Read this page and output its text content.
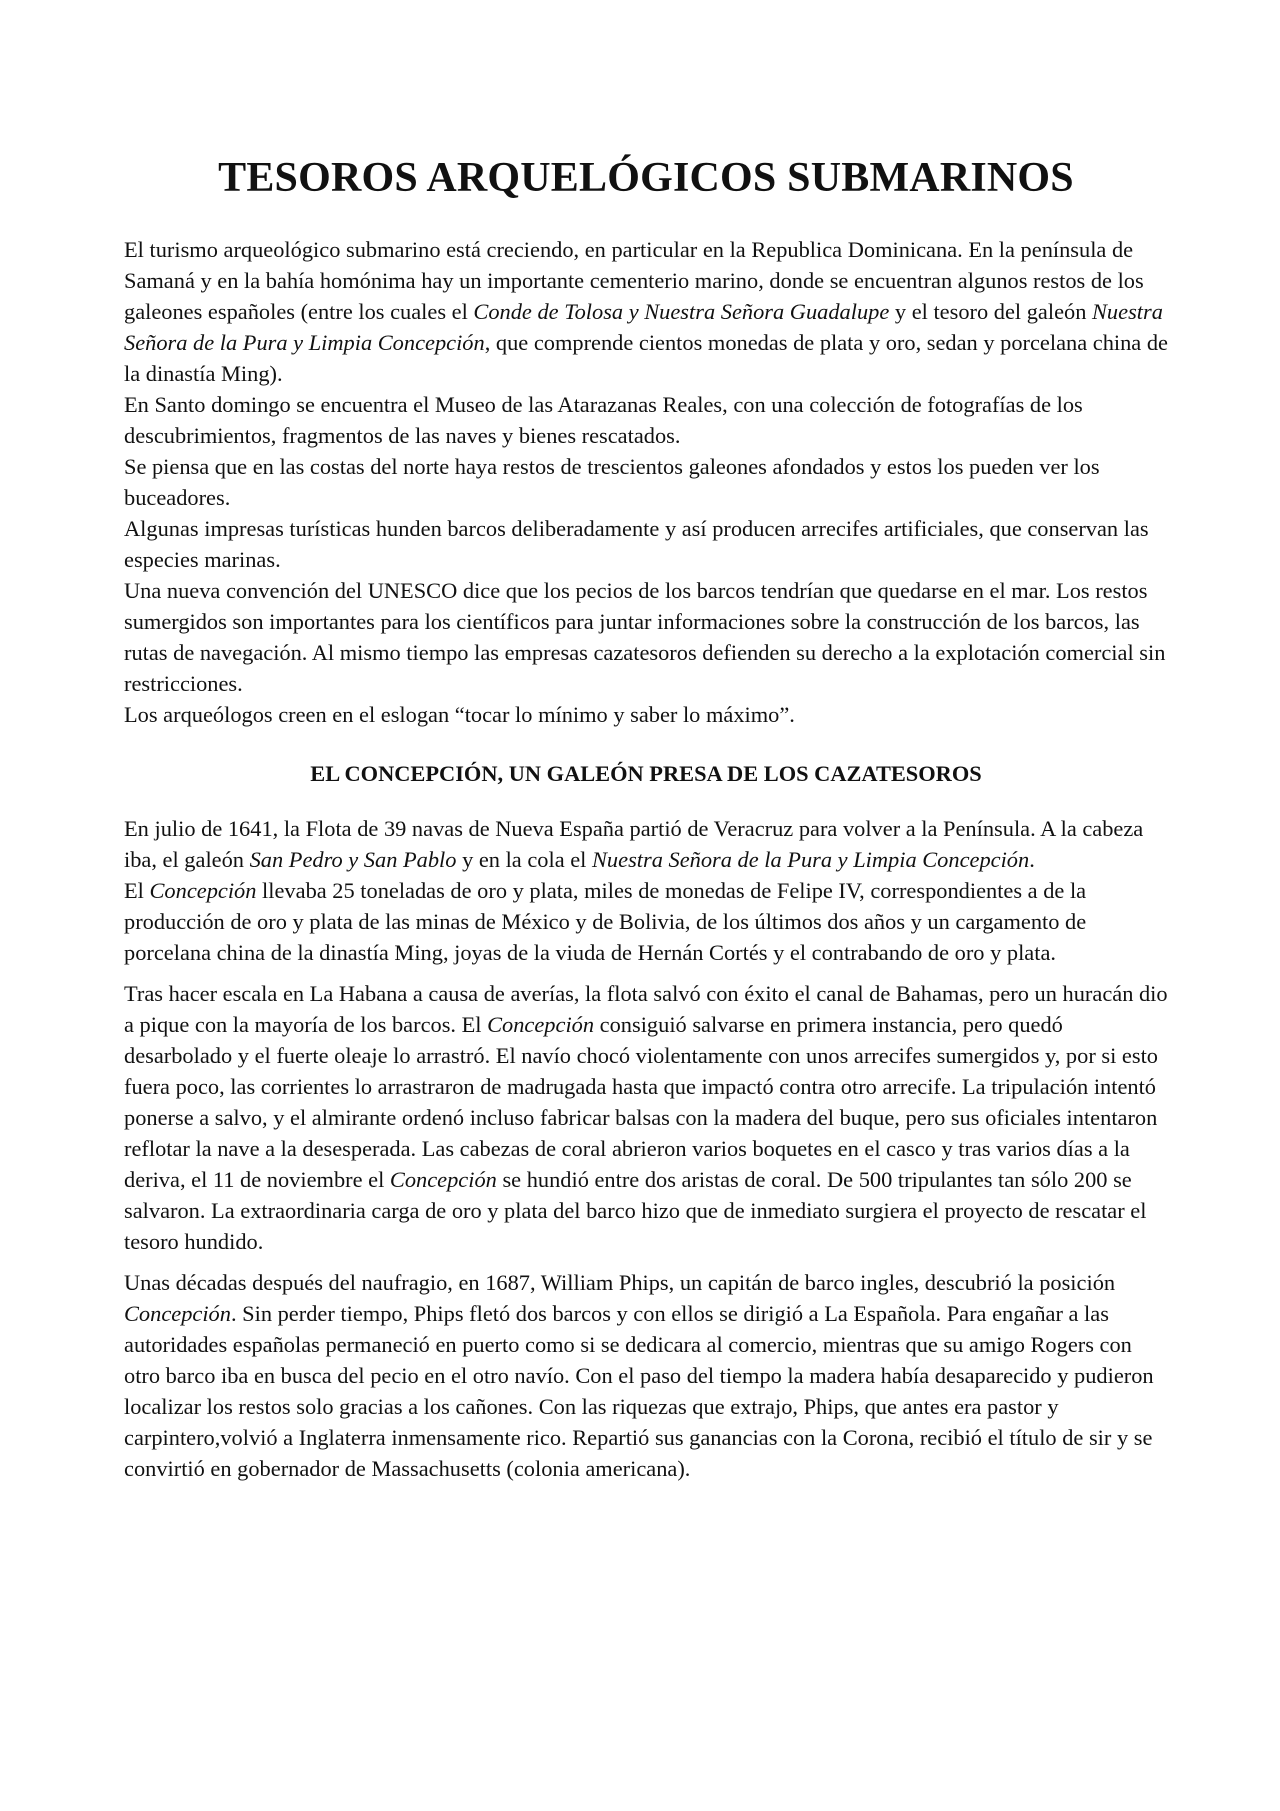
TESOROS ARQUELÓGICOS SUBMARINOS

El turismo arqueológico submarino está creciendo, en particular en la Republica Dominicana. En la península de Samaná y en la bahía homónima hay un importante cementerio marino, donde se encuentran algunos restos de los galeones españoles (entre los cuales el Conde de Tolosa y Nuestra Señora Guadalupe y el tesoro del galeón Nuestra Señora de la Pura y Limpia Concepción, que comprende cientos monedas de plata y oro, sedan y porcelana china de la dinastía Ming).

En Santo domingo se encuentra el Museo de las Atarazanas Reales, con una colección de fotografías de los descubrimientos, fragmentos de las naves y bienes rescatados.

Se piensa que en las costas del norte haya restos de trescientos galeones afondados y estos los pueden ver los buceadores.

Algunas impresas turísticas hunden barcos deliberadamente y así producen arrecifes artificiales, que conservan las especies marinas.

Una nueva convención del UNESCO dice que los pecios de los barcos tendrían que quedarse en el mar. Los restos sumergidos son importantes para los científicos para juntar informaciones sobre la construcción de los barcos, las rutas de navegación. Al mismo tiempo las empresas cazatesoros defienden su derecho a la explotación comercial sin restricciones.

Los arqueólogos creen en el eslogan “tocar lo mínimo y saber lo máximo”.

EL CONCEPCIÓN, UN GALEÓN PRESA DE LOS CAZATESOROS

En julio de 1641, la Flota de 39 navas de Nueva España partió de Veracruz para volver a la Península. A la cabeza iba, el galeón San Pedro y San Pablo y en la cola el Nuestra Señora de la Pura y Limpia Concepción.

El Concepción llevaba 25 toneladas de oro y plata, miles de monedas de Felipe IV, correspondientes a de la producción de oro y plata de las minas de México y de Bolivia, de los últimos dos años y un cargamento de porcelana china de la dinastía Ming, joyas de la viuda de Hernán Cortés y el contrabando de oro y plata.

Tras hacer escala en La Habana a causa de averías, la flota salvó con éxito el canal de Bahamas, pero un huracán dio a pique con la mayoría de los barcos. El Concepción consiguió salvarse en primera instancia, pero quedó desarbolado y el fuerte oleaje lo arrastró. El navío chocó violentamente con unos arrecifes sumergidos y, por si esto fuera poco, las corrientes lo arrastraron de madrugada hasta que impactó contra otro arrecife. La tripulación intentó ponerse a salvo, y el almirante ordenó incluso fabricar balsas con la madera del buque, pero sus oficiales intentaron reflotar la nave a la desesperada. Las cabezas de coral abrieron varios boquetes en el casco y tras varios días a la deriva, el 11 de noviembre el Concepción se hundió entre dos aristas de coral. De 500 tripulantes tan sólo 200 se salvaron. La extraordinaria carga de oro y plata del barco hizo que de inmediato surgiera el proyecto de rescatar el tesoro hundido.

Unas décadas después del naufragio, en 1687, William Phips, un capitán de barco ingles, descubrió la posición Concepción. Sin perder tiempo, Phips fletó dos barcos y con ellos se dirigió a La Española. Para engañar a las autoridades españolas permaneció en puerto como si se dedicara al comercio, mientras que su amigo Rogers con otro barco iba en busca del pecio en el otro navío. Con el paso del tiempo la madera había desaparecido y pudieron localizar los restos solo gracias a los cañones. Con las riquezas que extrajo, Phips, que antes era pastor y carpintero,volvió a Inglaterra inmensamente rico. Repartió sus ganancias con la Corona, recibió el título de sir y se convirtió en gobernador de Massachusetts (colonia americana).
